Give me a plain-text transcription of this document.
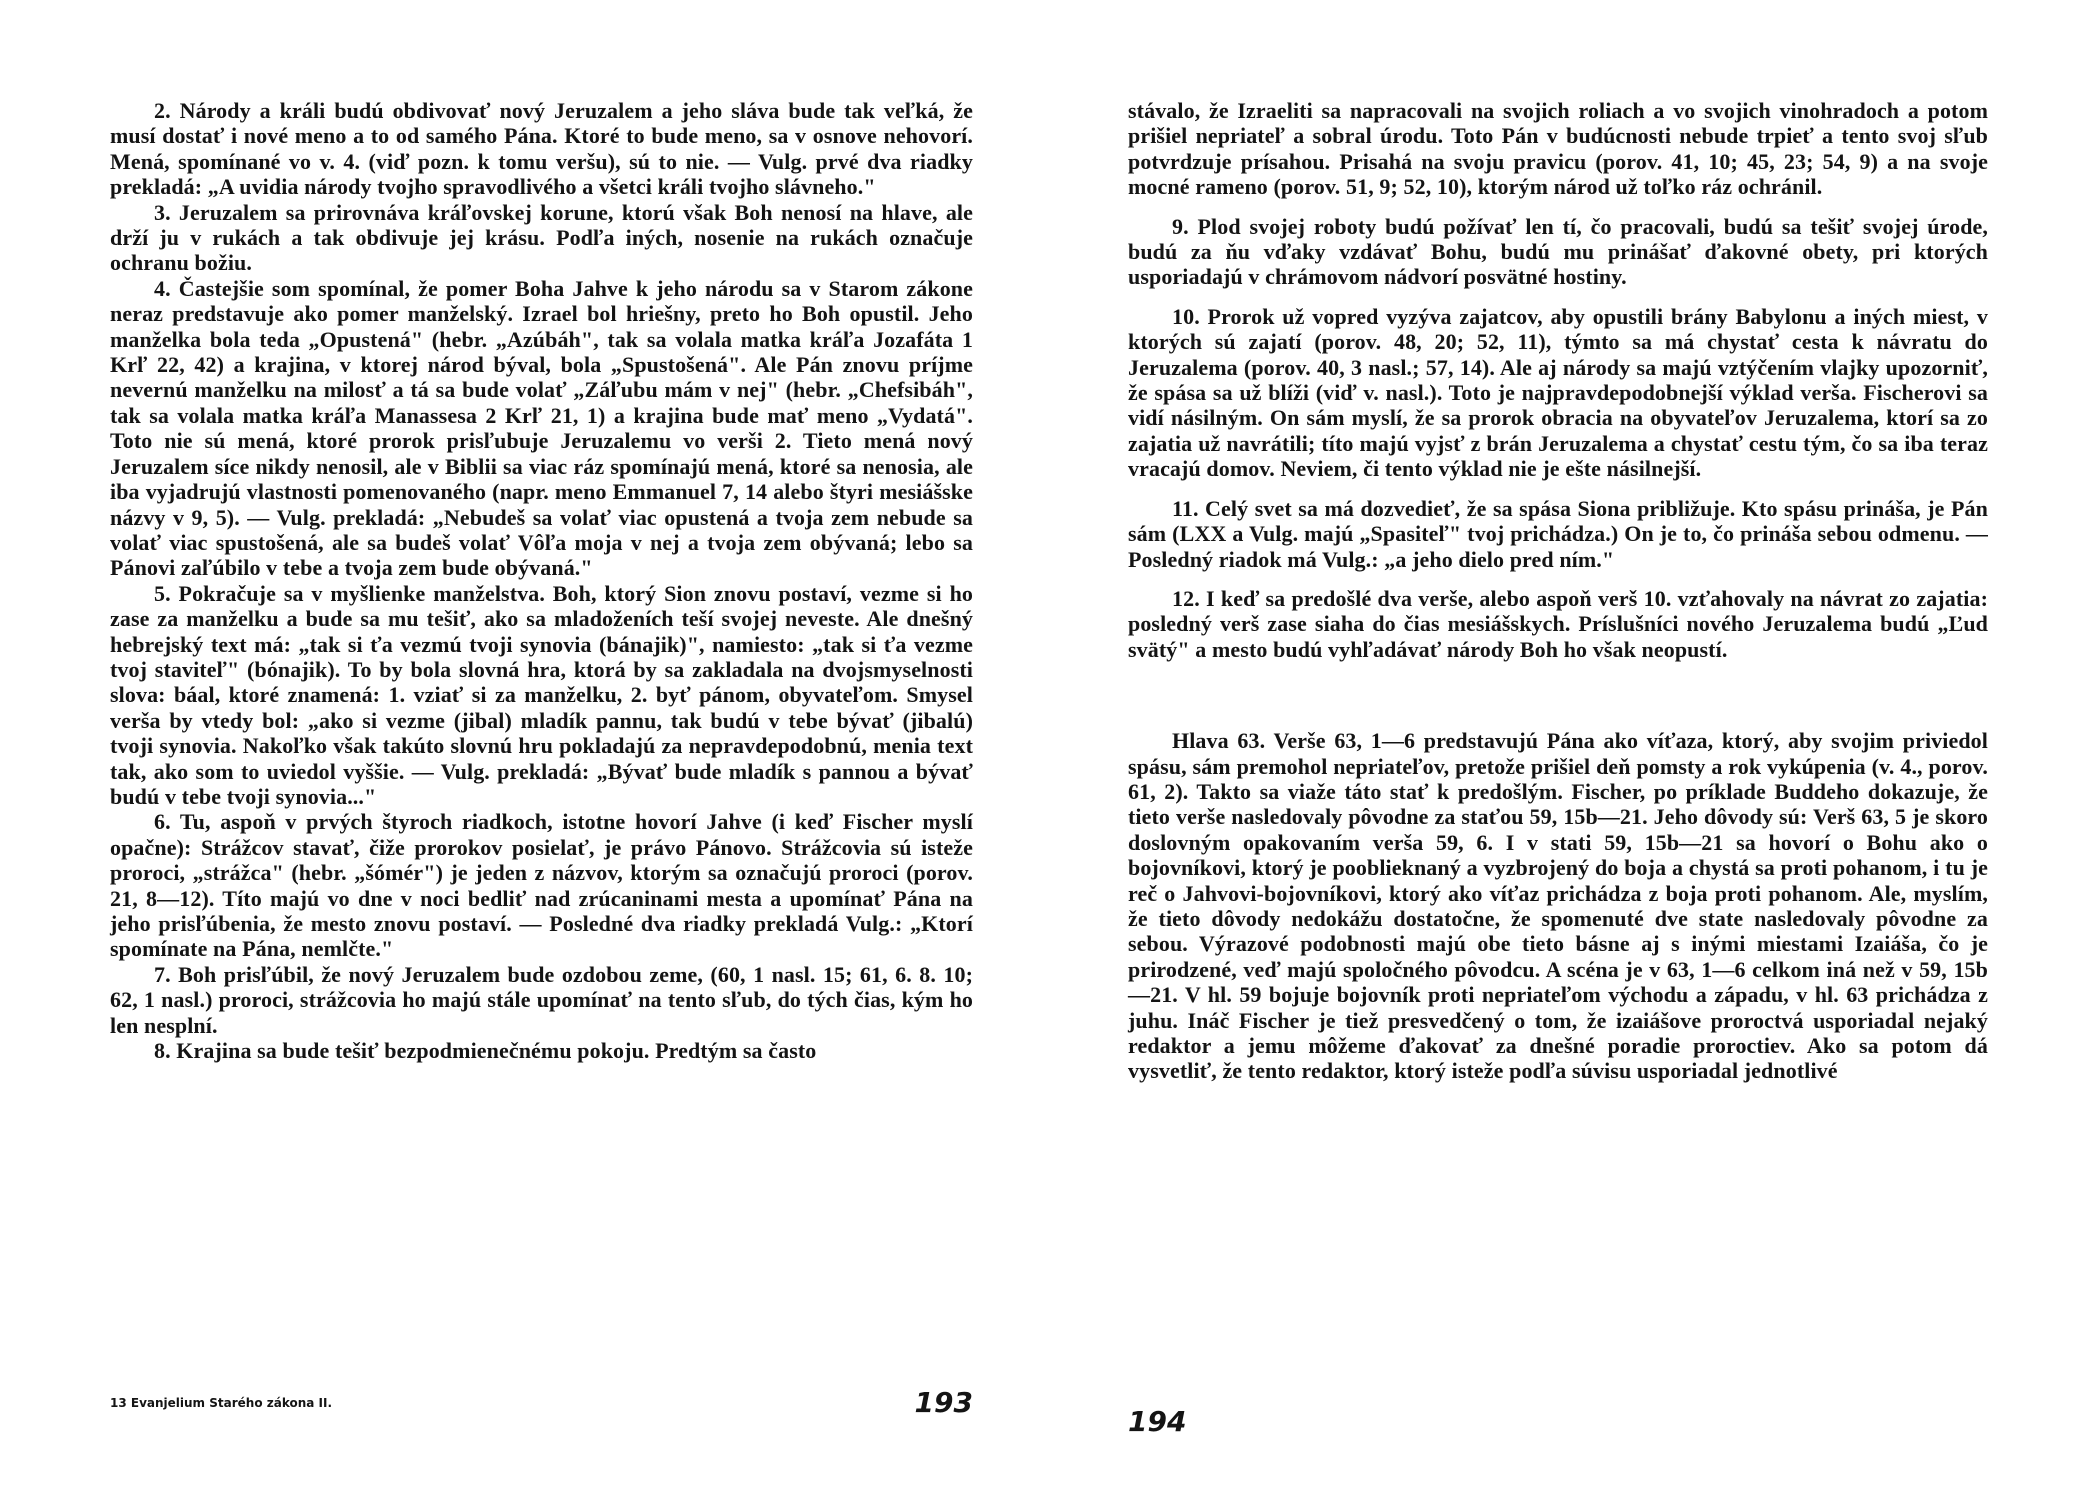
2. Národy a králi budú obdivovať nový Jeruzalem a jeho sláva bude tak veľká, že musí dostať i nové meno a to od samého Pána. Ktoré to bude meno, sa v osnove nehovorí. Mená, spomínané vo v. 4. (viď pozn. k tomu veršu), sú to nie. — Vulg. prvé dva riadky prekladá: „A uvidia národy tvojho spravodlivého a všetci králi tvojho slávneho."

3. Jeruzalem sa prirovnáva kráľovskej korune, ktorú však Boh nenosí na hlave, ale drží ju v rukách a tak obdivuje jej krásu. Podľa iných, nosenie na rukách označuje ochranu božiu.

4. Častejšie som spomínal, že pomer Boha Jahve k jeho národu sa v Starom zákone neraz predstavuje ako pomer manželský. Izrael bol hriešny, preto ho Boh opustil. Jeho manželka bola teda „Opustená" (hebr. „Azúbáh", tak sa volala matka kráľa Jozafáta 1 Krľ 22, 42) a krajina, v ktorej národ býval, bola „Spustošená". Ale Pán znovu príjme nevernú manželku na milosť a tá sa bude volať „Záľubu mám v nej" (hebr. „Chefsibáh", tak sa volala matka kráľa Manassesa 2 Krľ 21, 1) a krajina bude mať meno „Vydatá". Toto nie sú mená, ktoré prorok prisľubuje Jeruzalemu vo verši 2. Tieto mená nový Jeruzalem síce nikdy nenosil, ale v Biblii sa viac ráz spomínajú mená, ktoré sa nenosia, ale iba vyjadrujú vlastnosti pomenovaného (napr. meno Emmanuel 7, 14 alebo štyri mesiášske názvy v 9, 5). — Vulg. prekladá: „Nebudeš sa volať viac opustená a tvoja zem nebude sa volať viac spustošená, ale sa budeš volať Vôľa moja v nej a tvoja zem obývaná; lebo sa Pánovi zaľúbilo v tebe a tvoja zem bude obývaná."

5. Pokračuje sa v myšlienke manželstva. Boh, ktorý Sion znovu postaví, vezme si ho zase za manželku a bude sa mu tešiť, ako sa mladoženích teší svojej neveste. Ale dnešný hebrejský text má: „tak si ťa vezmú tvoji synovia (bánajik)", namiesto: „tak si ťa vezme tvoj staviteľ" (bónajik). To by bola slovná hra, ktorá by sa zakladala na dvojsmyselnosti slova: báal, ktoré znamená: 1. vziať si za manželku, 2. byť pánom, obyvateľom. Smysel verša by vtedy bol: „ako si vezme (jibal) mladík pannu, tak budú v tebe bývať (jibalú) tvoji synovia. Nakoľko však takúto slovnú hru pokladajú za nepravdepodobnú, menia text tak, ako som to uviedol vyššie. — Vulg. prekladá: „Bývať bude mladík s pannou a bývať budú v tebe tvoji synovia..."

6. Tu, aspoň v prvých štyroch riadkoch, istotne hovorí Jahve (i keď Fischer myslí opačne): Strážcov stavať, čiže prorokov posielať, je právo Pánovo. Strážcovia sú isteže proroci, „strážca" (hebr. „šómér") je jeden z názvov, ktorým sa označujú proroci (porov. 21, 8—12). Títo majú vo dne v noci bedliť nad zrúcaninami mesta a upomínať Pána na jeho prisľúbenia, že mesto znovu postaví. — Posledné dva riadky prekladá Vulg.: „Ktorí spomínate na Pána, nemlčte."

7. Boh prisľúbil, že nový Jeruzalem bude ozdobou zeme, (60, 1 nasl. 15; 61, 6. 8. 10; 62, 1 nasl.) proroci, strážcovia ho majú stále upomínať na tento sľub, do tých čias, kým ho len nesplní.

8. Krajina sa bude tešiť bezpodmienečnému pokoju. Predtým sa často

13 Evanjelium Starého zákona II.	193

stávalo, že Izraeliti sa napracovali na svojich roliach a vo svojich vinohradoch a potom prišiel nepriateľ a sobral úrodu. Toto Pán v budúcnosti nebude trpieť a tento svoj sľub potvrdzuje prísahou. Prisahá na svoju pravicu (porov. 41, 10; 45, 23; 54, 9) a na svoje mocné rameno (porov. 51, 9; 52, 10), ktorým národ už toľko ráz ochránil.

9. Plod svojej roboty budú požívať len tí, čo pracovali, budú sa tešiť svojej úrode, budú za ňu vďaky vzdávať Bohu, budú mu prinášať ďakovné obety, pri ktorých usporiadajú v chrámovom nádvorí posvätné hostiny.

10. Prorok už vopred vyzýva zajatcov, aby opustili brány Babylonu a iných miest, v ktorých sú zajatí (porov. 48, 20; 52, 11), týmto sa má chystať cesta k návratu do Jeruzalema (porov. 40, 3 nasl.; 57, 14). Ale aj národy sa majú vztýčením vlajky upozorniť, že spása sa už blíži (viď v. nasl.). Toto je najpravdepodobnejší výklad verša. Fischerovi sa vidí násilným. On sám myslí, že sa prorok obracia na obyvateľov Jeruzalema, ktorí sa zo zajatia už navrátili; títo majú vyjsť z brán Jeruzalema a chystať cestu tým, čo sa iba teraz vracajú domov. Neviem, či tento výklad nie je ešte násilnejší.

11. Celý svet sa má dozvedieť, že sa spása Siona približuje. Kto spásu prináša, je Pán sám (LXX a Vulg. majú „Spasiteľ" tvoj prichádza.) On je to, čo prináša sebou odmenu. — Posledný riadok má Vulg.: „a jeho dielo pred ním."

12. I keď sa predošlé dva verše, alebo aspoň verš 10. vzťahovaly na návrat zo zajatia: posledný verš zase siaha do čias mesiášskych. Príslušníci nového Jeruzalema budú „Ľud svätý" a mesto budú vyhľadávať národy Boh ho však neopustí.

Hlava 63. Verše 63, 1—6 predstavujú Pána ako víťaza, ktorý, aby svojim priviedol spásu, sám premohol nepriateľov, pretože prišiel deň pomsty a rok vykúpenia (v. 4., porov. 61, 2). Takto sa viaže táto stať k predošlým. Fischer, po príklade Buddeho dokazuje, že tieto verše nasledovaly pôvodne za staťou 59, 15b—21. Jeho dôvody sú: Verš 63, 5 je skoro doslovným opakovaním verša 59, 6. I v stati 59, 15b—21 sa hovorí o Bohu ako o bojovníkovi, ktorý je pooblieknaný a vyzbrojený do boja a chystá sa proti pohanom, i tu je reč o Jahvovi-bojovníkovi, ktorý ako víťaz prichádza z boja proti pohanom. Ale, myslím, že tieto dôvody nedokážu dostatočne, že spomenuté dve state nasledovaly pôvodne za sebou. Výrazové podobnosti majú obe tieto básne aj s inými miestami Izaiáša, čo je prirodzené, veď majú spoločného pôvodcu. A scéna je v 63, 1—6 celkom iná než v 59, 15b—21. V hl. 59 bojuje bojovník proti nepriateľom východu a západu, v hl. 63 prichádza z juhu. Ináč Fischer je tiež presvedčený o tom, že izaiášove proroctvá usporiadal nejaký redaktor a jemu môžeme ďakovať za dnešné poradie proroctiev. Ako sa potom dá vysvetliť, že tento redaktor, ktorý isteže podľa súvisu usporiadal jednotlivé

194
